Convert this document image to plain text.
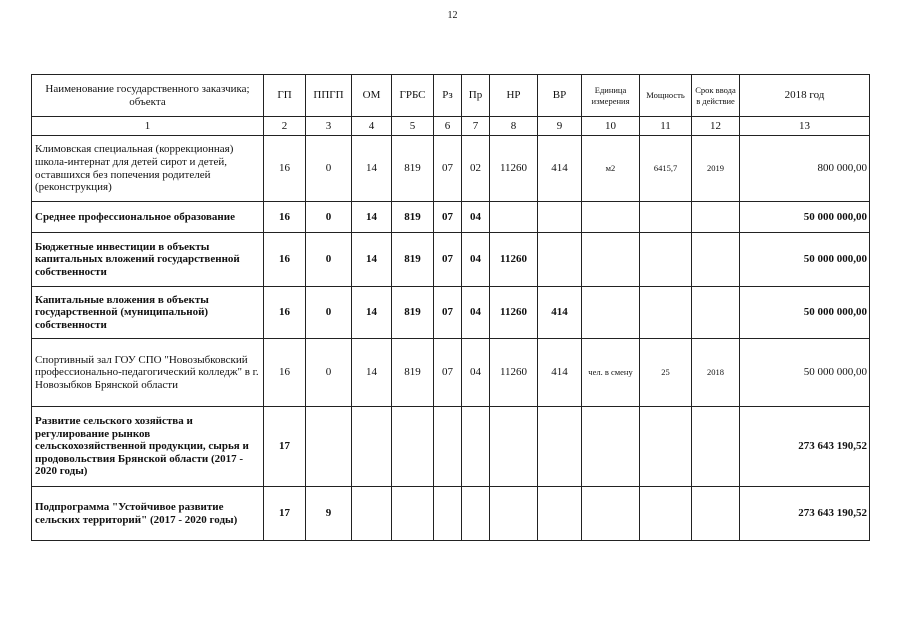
12
Наименование государственного заказчика; объекта	ГП	ППГП	ОМ	ГРБС	Рз	Пр	НР	ВР	Единица измерения	Мощность	Срок ввода в действие	2018 год
1	2	3	4	5	6	7	8	9	10	11	12	13
Климовская специальная (коррекционная) школа-интернат для детей сирот и детей, оставшихся без попечения родителей (реконструкция)	16	0	14	819	07	02	11260	414	м2	6415,7	2019	800 000,00
Среднее профессиональное образование	16	0	14	819	07	04						50 000 000,00
Бюджетные инвестиции в объекты капитальных вложений государственной собственности	16	0	14	819	07	04	11260					50 000 000,00
Капитальные вложения в объекты государственной (муниципальной) собственности	16	0	14	819	07	04	11260	414				50 000 000,00
Спортивный зал ГОУ СПО "Новозыбковский профессионально-педагогический колледж" в г. Новозыбков Брянской области	16	0	14	819	07	04	11260	414	чел. в смену	25	2018	50 000 000,00
Развитие сельского хозяйства и регулирование рынков сельскохозяйственной продукции, сырья и продовольствия Брянской области (2017 - 2020 годы)	17											273 643 190,52
Подпрограмма "Устойчивое развитие сельских территорий" (2017 - 2020 годы)	17	9										273 643 190,52
